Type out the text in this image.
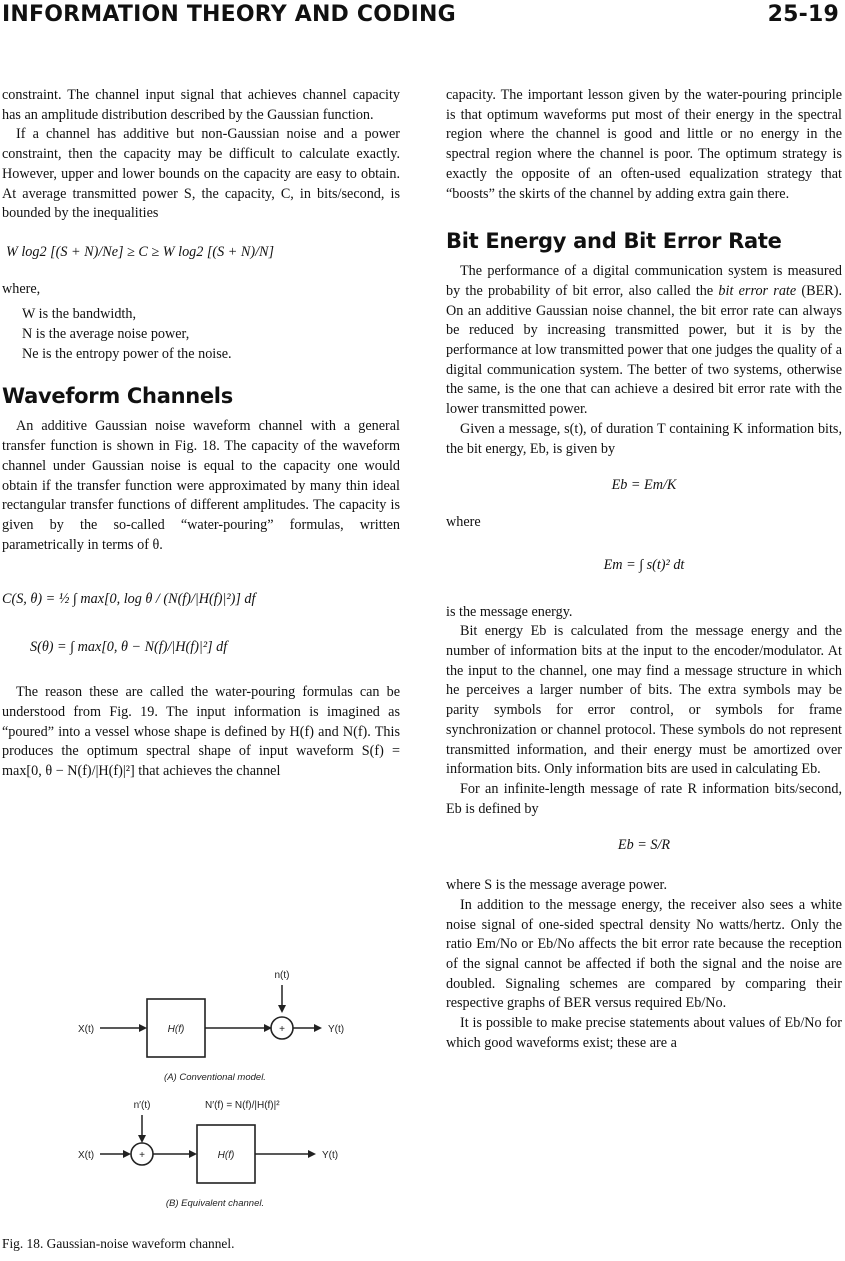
INFORMATION THEORY AND CODING	25-19

constraint. The channel input signal that achieves channel capacity has an amplitude distribution described by the Gaussian function.

If a channel has additive but non-Gaussian noise and a power constraint, then the capacity may be difficult to calculate exactly. However, upper and lower bounds on the capacity are easy to obtain. At average transmitted power S, the capacity, C, in bits/second, is bounded by the inequalities

W log2 [(S + N)/Ne] ≥ C ≥ W log2 [(S + N)/N]

where,

W is the bandwidth,
N is the average noise power,
Ne is the entropy power of the noise.
Waveform Channels

An additive Gaussian noise waveform channel with a general transfer function is shown in Fig. 18. The capacity of the waveform channel under Gaussian noise is equal to the capacity one would obtain if the transfer function were approximated by many thin ideal rectangular transfer functions of different amplitudes. The capacity is given by the so-called “water-pouring” formulas, written parametrically in terms of θ.

C(S, θ) = ½ ∫ max[0, log θ / (N(f)/|H(f)|²)] df

S(θ) = ∫ max[0, θ − N(f)/|H(f)|²] df

The reason these are called the water-pouring formulas can be understood from Fig. 19. The input information is imagined as “poured” into a vessel whose shape is defined by H(f) and N(f). This produces the optimum spectral shape of input waveform S(f) = max[0, θ − N(f)/|H(f)|²] that achieves the channel

n(t)
X(t)	H(f)	+	Y(t)
(A) Conventional model.
n′(t)	N′(f) = N(f)/|H(f)|²
X(t)	+	H(f)	Y(t)
(B) Equivalent channel.
Fig. 18. Gaussian-noise waveform channel.

capacity. The important lesson given by the water-pouring principle is that optimum waveforms put most of their energy in the spectral region where the channel is good and little or no energy in the spectral region where the channel is poor. The optimum strategy is exactly the opposite of an often-used equalization strategy that “boosts” the skirts of the channel by adding extra gain there.

Bit Energy and Bit Error Rate

The performance of a digital communication system is measured by the probability of bit error, also called the bit error rate (BER). On an additive Gaussian noise channel, the bit error rate can always be reduced by increasing transmitted power, but it is by the performance at low transmitted power that one judges the quality of a digital communication system. The better of two systems, otherwise the same, is the one that can achieve a desired bit error rate with the lower transmitted power.

Given a message, s(t), of duration T containing K information bits, the bit energy, Eb, is given by

Eb = Em/K

where

Em = ∫ s(t)² dt

is the message energy.

Bit energy Eb is calculated from the message energy and the number of information bits at the input to the encoder/modulator. At the input to the channel, one may find a message structure in which he perceives a larger number of bits. The extra symbols may be parity symbols for error control, or symbols for frame synchronization or channel protocol. These symbols do not represent transmitted information, and their energy must be amortized over information bits. Only information bits are used in calculating Eb.

For an infinite-length message of rate R information bits/second, Eb is defined by

Eb = S/R

where S is the message average power.

In addition to the message energy, the receiver also sees a white noise signal of one-sided spectral density No watts/hertz. Only the ratio Em/No or Eb/No affects the bit error rate because the reception of the signal cannot be affected if both the signal and the noise are doubled. Signaling schemes are compared by comparing their respective graphs of BER versus required Eb/No.

It is possible to make precise statements about values of Eb/No for which good waveforms exist; these are a
